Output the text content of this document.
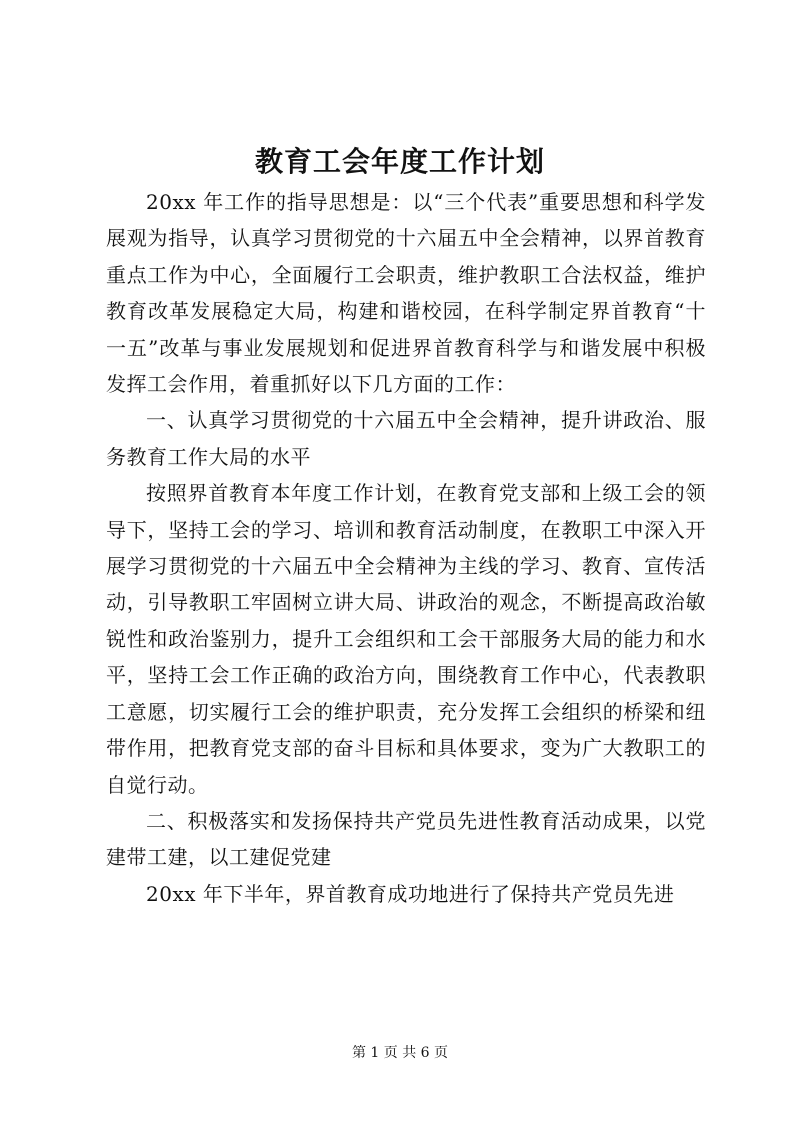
教育工会年度工作计划

20xx 年工作的指导思想是：以“三个代表”重要思想和科学发展观为指导，认真学习贯彻党的十六届五中全会精神，以界首教育重点工作为中心，全面履行工会职责，维护教职工合法权益，维护教育改革发展稳定大局，构建和谐校园，在科学制定界首教育“十一五”改革与事业发展规划和促进界首教育科学与和谐发展中积极发挥工会作用，着重抓好以下几方面的工作：

一、认真学习贯彻党的十六届五中全会精神，提升讲政治、服务教育工作大局的水平

按照界首教育本年度工作计划，在教育党支部和上级工会的领导下，坚持工会的学习、培训和教育活动制度，在教职工中深入开展学习贯彻党的十六届五中全会精神为主线的学习、教育、宣传活动，引导教职工牢固树立讲大局、讲政治的观念，不断提高政治敏锐性和政治鉴别力，提升工会组织和工会干部服务大局的能力和水平，坚持工会工作正确的政治方向，围绕教育工作中心，代表教职工意愿，切实履行工会的维护职责，充分发挥工会组织的桥梁和纽带作用，把教育党支部的奋斗目标和具体要求，变为广大教职工的自觉行动。

二、积极落实和发扬保持共产党员先进性教育活动成果，以党建带工建，以工建促党建

20xx 年下半年，界首教育成功地进行了保持共产党员先进

第 1 页 共 6 页
